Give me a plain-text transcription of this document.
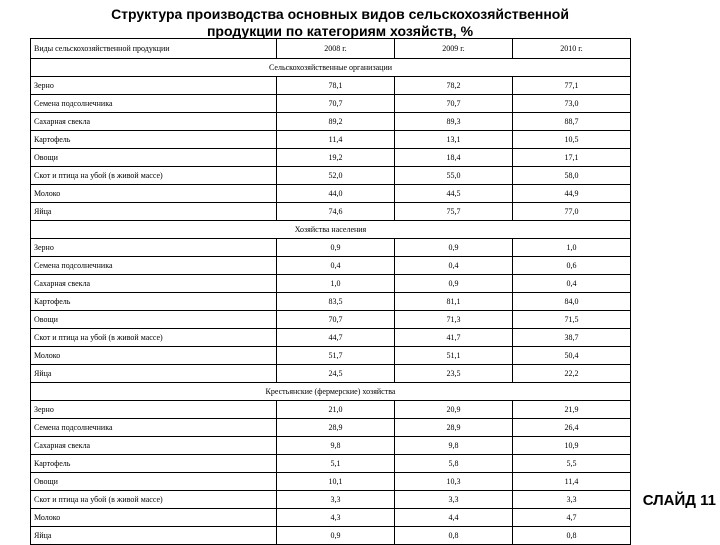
Структура производства основных видов сельскохозяйственной
продукции по категориям хозяйств, %
Виды сельскохозяйственной продукции	2008 г.	2009 г.	2010 г.
Сельскохозяйственные организации			
Зерно	78,1	78,2	77,1
Семена подсолнечника	70,7	70,7	73,0
Сахарная свекла	89,2	89,3	88,7
Картофель	11,4	13,1	10,5
Овощи	19,2	18,4	17,1
Скот и птица на убой (в живой массе)	52,0	55,0	58,0
Молоко	44,0	44,5	44,9
Яйца	74,6	75,7	77,0
Хозяйства населения			
Зерно	0,9	0,9	1,0
Семена подсолнечника	0,4	0,4	0,6
Сахарная свекла	1,0	0,9	0,4
Картофель	83,5	81,1	84,0
Овощи	70,7	71,3	71,5
Скот и птица на убой (в живой массе)	44,7	41,7	38,7
Молоко	51,7	51,1	50,4
Яйца	24,5	23,5	22,2
Крестьянские (фермерские) хозяйства			
Зерно	21,0	20,9	21,9
Семена подсолнечника	28,9	28,9	26,4
Сахарная свекла	9,8	9,8	10,9
Картофель	5,1	5,8	5,5
Овощи	10,1	10,3	11,4
Скот и птица на убой (в живой массе)	3,3	3,3	3,3
Молоко	4,3	4,4	4,7
Яйца	0,9	0,8	0,8
СЛАЙД 11
